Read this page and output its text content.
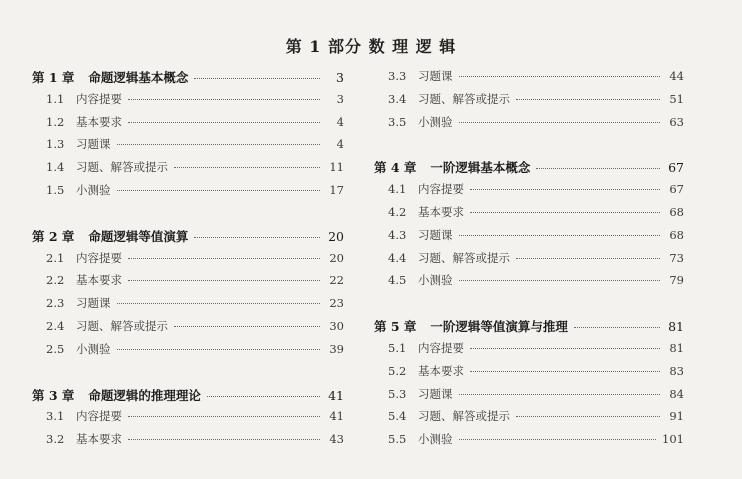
第 1 部分 数 理 逻 辑
第 1 章 命题逻辑基本概念	3
1.1	内容提要	3
1.2	基本要求	4
1.3	习题课	4
1.4	习题、解答或提示	11
1.5	小测验	17
第 2 章 命题逻辑等值演算	20
2.1	内容提要	20
2.2	基本要求	22
2.3	习题课	23
2.4	习题、解答或提示	30
2.5	小测验	39
第 3 章 命题逻辑的推理理论	41
3.1	内容提要	41
3.2	基本要求	43
3.3	习题课	44
3.4	习题、解答或提示	51
3.5	小测验	63
第 4 章 一阶逻辑基本概念	67
4.1	内容提要	67
4.2	基本要求	68
4.3	习题课	68
4.4	习题、解答或提示	73
4.5	小测验	79
第 5 章 一阶逻辑等值演算与推理	81
5.1	内容提要	81
5.2	基本要求	83
5.3	习题课	84
5.4	习题、解答或提示	91
5.5	小测验	101
